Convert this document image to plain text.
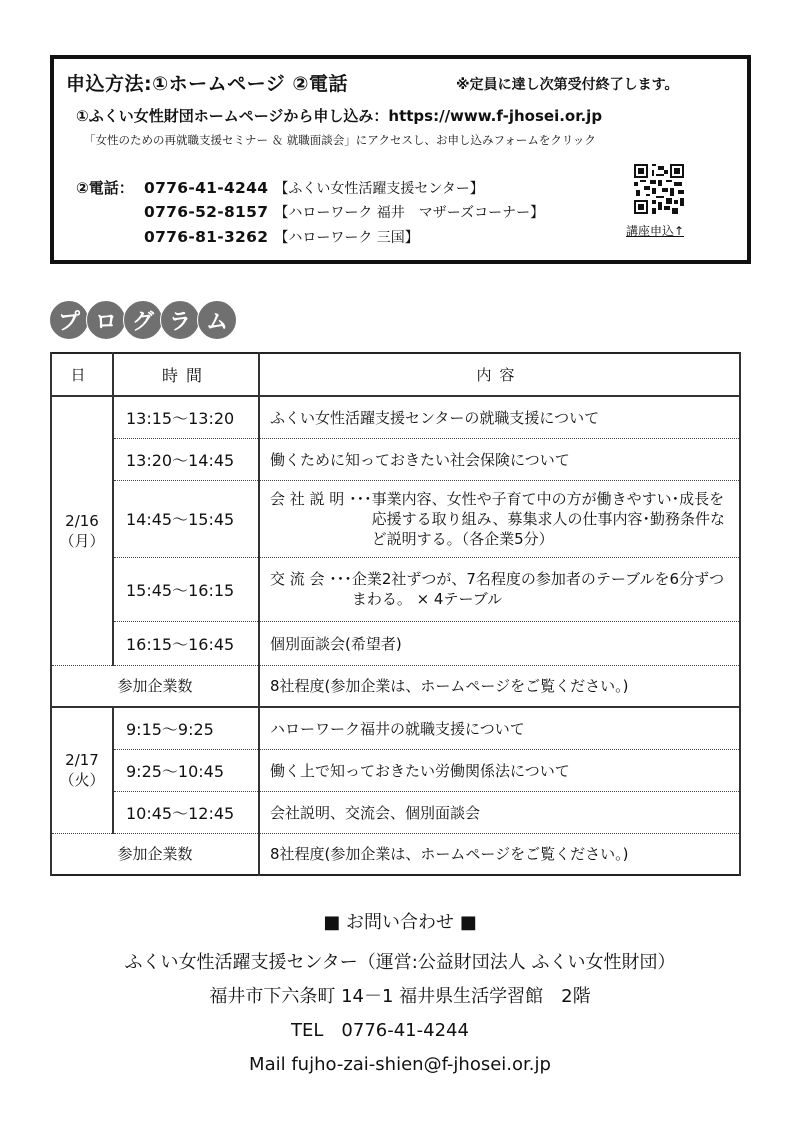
申込方法:①ホームページ ②電話	※定員に達し次第受付終了します。
①ふくい女性財団ホームページから申し込み：https://www.f-jhosei.or.jp
「女性のための再就職支援セミナー ＆ 就職面談会」にアクセスし、お申し込みフォームをクリック
②電話： 0776-41-4244 【ふくい女性活躍支援センター】
0776-52-8157 【ハローワーク 福井　マザーズコーナー】
0776-81-3262 【ハローワーク 三国】	講座申込↑
プ ロ グ ラ ム
日	時間	内容

2/16
（月）	13:15～13:20	ふくい女性活躍支援センターの就職支援について
	13:20～14:45	働くために知っておきたい社会保険について
	14:45～15:45	会 社 説 明 ･･･ 事業内容、女性や子育て中の方が働きやすい･成長を応援する取り組み、募集求人の仕事内容･勤務条件など説明する。（各企業5分）

	15:45～16:15	交 流 会 ･･･ 企業2社ずつが、7名程度の参加者のテーブルを6分ずつ まわる。 × 4テーブル

	16:15～16:45	個別面談会(希望者)
参加企業数		8社程度(参加企業は、ホームページをご覧ください。)

2/17
（火）	9:15～9:25	ハローワーク福井の就職支援について
	9:25～10:45	働く上で知っておきたい労働関係法について
	10:45～12:45	会社説明、交流会、個別面談会
参加企業数		8社程度(参加企業は、ホームページをご覧ください。)
■ お問い合わせ ■
ふくい女性活躍支援センター（運営:公益財団法人 ふくい女性財団）
福井市下六条町 14－1 福井県生活学習館　2階
TEL　0776-41-4244
Mail fujho-zai-shien@f-jhosei.or.jp
